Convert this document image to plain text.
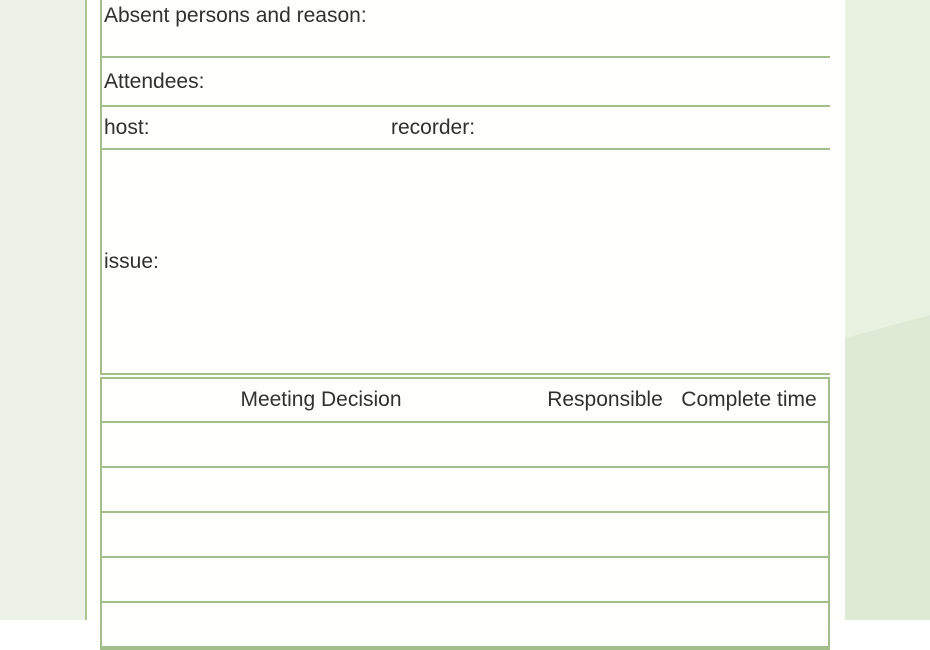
Absent persons and reason:
Attendees:
host:	recorder:
issue:
Meeting Decision	Responsible Complete time
